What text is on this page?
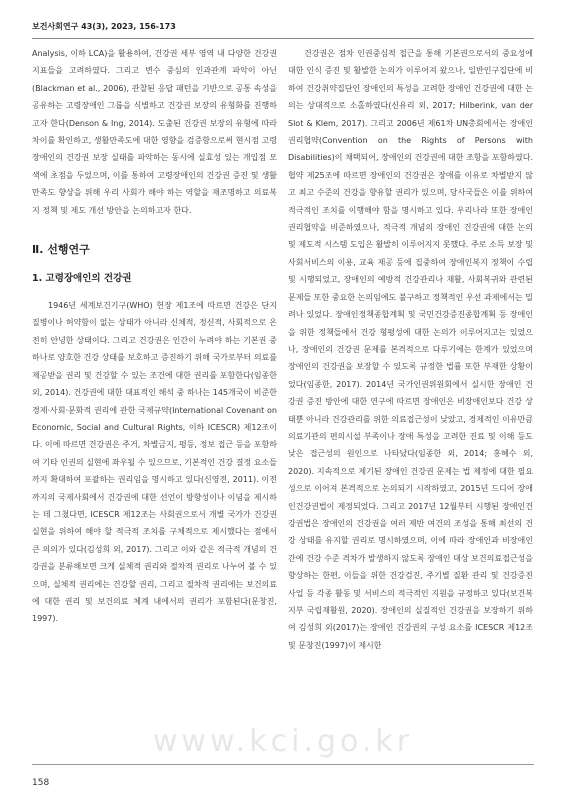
보건사회연구 43(3), 2023, 156-173

Analysis, 이하 LCA)을 활용하여, 건강권 세부 영역 내 다양한 건강권 지표들을 고려하였다. 그리고 변수 중심의 인과관계 파악이 아닌(Blackman et al., 2006), 관찰된 응답 패턴을 기반으로 공통 속성을 공유하는 고령장애인 그룹을 식별하고 건강권 보장의 유형화를 진행하고자 한다(Denson & Ing, 2014). 도출된 건강권 보장의 유형에 따라 차이를 확인하고, 생활만족도에 대한 영향을 검증함으로써 현시점 고령장애인의 건강권 보장 실태를 파악하는 동시에 실효성 있는 개입점 모색에 초점을 두었으며, 이를 통하여 고령장애인의 건강권 증진 및 생활만족도 향상을 위해 우리 사회가 해야 하는 역할을 재조명하고 의료복지 정책 및 제도 개선 방안을 논의하고자 한다.

Ⅱ. 선행연구
1. 고령장애인의 건강권

1946년 세계보건기구(WHO) 헌장 제1조에 따르면 건강은 단지 질병이나 허약함이 없는 상태가 아니라 신체적, 정신적, 사회적으로 온전히 안녕한 상태이다. 그리고 건강권은 인간이 누려야 하는 기본권 중 하나로 양호한 건강 상태를 보호하고 증진하기 위해 국가로부터 의료를 제공받을 권리 및 건강할 수 있는 조건에 대한 권리를 포함한다(임종한 외, 2014). 건강권에 대한 대표적인 해석 중 하나는 145개국이 비준한 경제·사회·문화적 권리에 관한 국제규약(International Covenant on Economic, Social and Cultural Rights, 이하 ICESCR) 제12조이다. 이에 따르면 건강권은 주거, 차별금지, 평등, 정보 접근 등을 포함하여 기타 인권의 실현에 좌우될 수 있으므로, 기본적인 건강 결정 요소들까지 확대하여 포괄하는 권리임을 명시하고 있다(신영전, 2011). 이전까지의 국제사회에서 건강권에 대한 선언이 방향성이나 이념을 제시하는 데 그쳤다면, ICESCR 제12조는 사회권으로서 개별 국가가 건강권 실현을 위하여 해야 할 적극적 조치를 구체적으로 제시했다는 점에서 큰 의의가 있다(김성희 외, 2017). 그리고 이와 같은 적극적 개념의 건강권을 분류해보면 크게 실체적 권리와 절차적 권리로 나누어 볼 수 있으며, 실체적 권리에는 건강할 권리, 그리고 절차적 권리에는 보건의료에 대한 권리 및 보건의료 체계 내에서의 권리가 포함된다(문창진, 1997).

건강권은 점차 인권중심적 접근을 통해 기본권으로서의 중요성에 대한 인식 증진 및 활발한 논의가 이루어져 왔으나, 일반인구집단에 비하여 건강취약집단인 장애인의 특성을 고려한 장애인 건강권에 대한 논의는 상대적으로 소홀하였다(신유리 외, 2017; Hilberink, van der Slot & Klem, 2017). 그리고 2006년 제61차 UN총회에서는 장애인권리협약(Convention on the Rights of Persons with Disabilities)이 채택되어, 장애인의 건강권에 대한 조항을 포함하였다. 협약 제25조에 따르면 장애인의 건강권은 장애를 이유로 차별받지 않고 최고 수준의 건강을 향유할 권리가 있으며, 당사국들은 이를 위하여 적극적인 조치를 이행해야 함을 명시하고 있다. 우리나라 또한 장애인권리협약을 비준하였으나, 적극적 개념의 장애인 건강권에 대한 논의 및 제도적 시스템 도입은 활발히 이루어지지 못했다. 주로 소득 보장 및 사회서비스의 이용, 교육 제공 등에 집중하여 장애인복지 정책이 수립 및 시행되었고, 장애인의 예방적 건강관리나 재활, 사회복귀와 관련된 문제들 또한 중요한 논의임에도 불구하고 정책적인 우선 과제에서는 밀려나 있었다. 장애인정책종합계획 및 국민건강증진종합계획 등 장애인을 위한 정책들에서 건강 형평성에 대한 논의가 이루어지고는 있었으나, 장애인의 건강권 문제를 본격적으로 다루기에는 한계가 있었으며 장애인의 건강권을 보장할 수 있도록 규정한 법률 또한 부재한 상황이었다(임종한, 2017). 2014년 국가인권위원회에서 실시한 장애인 건강권 증진 방안에 대한 연구에 따르면 장애인은 비장애인보다 건강 상태뿐 아니라 건강관리를 위한 의료접근성이 낮았고, 경제적인 이유만큼 의료기관의 편의시설 부족이나 장애 특성을 고려한 진료 및 이해 등도 낮은 접근성의 원인으로 나타났다(임종한 외, 2014; 홍혜수 외, 2020). 지속적으로 제기된 장애인 건강권 문제는 법 제정에 대한 필요성으로 이어져 본격적으로 논의되기 시작하였고, 2015년 드디어 장애인건강권법이 제정되었다. 그리고 2017년 12월부터 시행된 장애인건강권법은 장애인의 건강권을 여러 제반 여건의 조성을 통해 최선의 건강 상태를 유지할 권리로 명시하였으며, 이에 따라 장애인과 비장애인 간에 건강 수준 격차가 발생하지 않도록 장애인 대상 보건의료접근성을 향상하는 한편, 이들을 위한 건강검진, 주기별 질환 관리 및 건강증진 사업 등 각종 활동 및 서비스의 적극적인 지원을 규정하고 있다(보건복지부 국립재활원, 2020). 장애인의 실질적인 건강권을 보장하기 위하여 김성희 외(2017)는 장애인 건강권의 구성 요소를 ICESCR 제12조 및 문창진(1997)이 제시한

www.kci.go.kr
158
